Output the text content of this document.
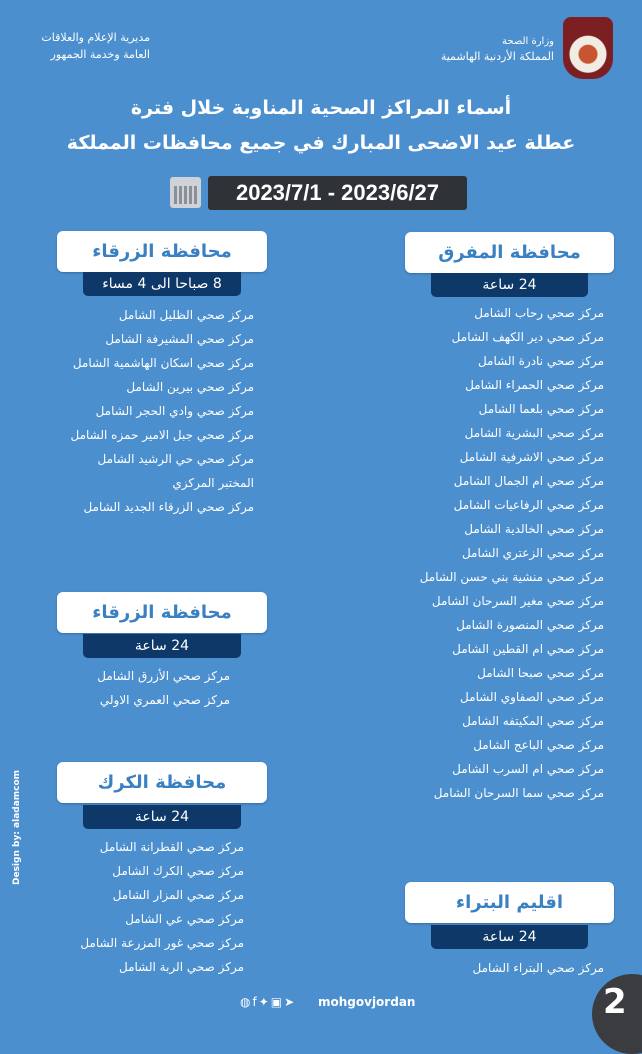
وزارة الصحة
المملكة الأردنية الهاشمية
مديرية الإعلام والعلاقات
العامة وخدمة الجمهور
أسماء المراكز الصحية المناوبة خلال فترة
عطلة عيد الاضحى المبارك في جميع محافظات المملكة
2023/7/1 - 2023/6/27
محافظة المفرق
24 ساعة
مركز صحي رحاب الشامل
مركز صحي دير الكهف الشامل
مركز صحي نادرة الشامل
مركز صحي الحمراء الشامل
مركز صحي بلعما الشامل
مركز صحي البشرية الشامل
مركز صحي الاشرفية الشامل
مركز صحي ام الجمال الشامل
مركز صحي الرفاعيات الشامل
مركز صحي الخالدية الشامل
مركز صحي الزعتري الشامل
مركز صحي منشية بني حسن الشامل
مركز صحي مغير السرحان الشامل
مركز صحي المنصورة الشامل
مركز صحي ام القطين الشامل
مركز صحي صبحا الشامل
مركز صحي الصفاوي الشامل
مركز صحي المكيتفه الشامل
مركز صحي الباعج الشامل
مركز صحي ام السرب الشامل
مركز صحي سما السرحان الشامل
محافظة الزرقاء
8 صباحا الى 4 مساء
مركز صحي الظليل الشامل
مركز صحي المشيرفة الشامل
مركز صحي اسكان الهاشمية الشامل
مركز صحي بيرين الشامل
مركز صحي وادي الحجر الشامل
مركز صحي جبل الامير حمزه الشامل
مركز صحي حي الرشيد الشامل
المختبر المركزي
مركز صحي الزرقاء الجديد الشامل
محافظة الزرقاء
24 ساعة
مركز صحي الأزرق الشامل
مركز صحي العمري الاولي
محافظة الكرك
24 ساعة
مركز صحي القطرانة الشامل
مركز صحي الكرك الشامل
مركز صحي المزار الشامل
مركز صحي عي الشامل
مركز صحي غور المزرعة الشامل
مركز صحي الربة الشامل
اقليم البتراء
24 ساعة
مركز صحي البتراء الشامل
Design by: aladamcom
◍f✦▣➤ mohgovjordan	2
